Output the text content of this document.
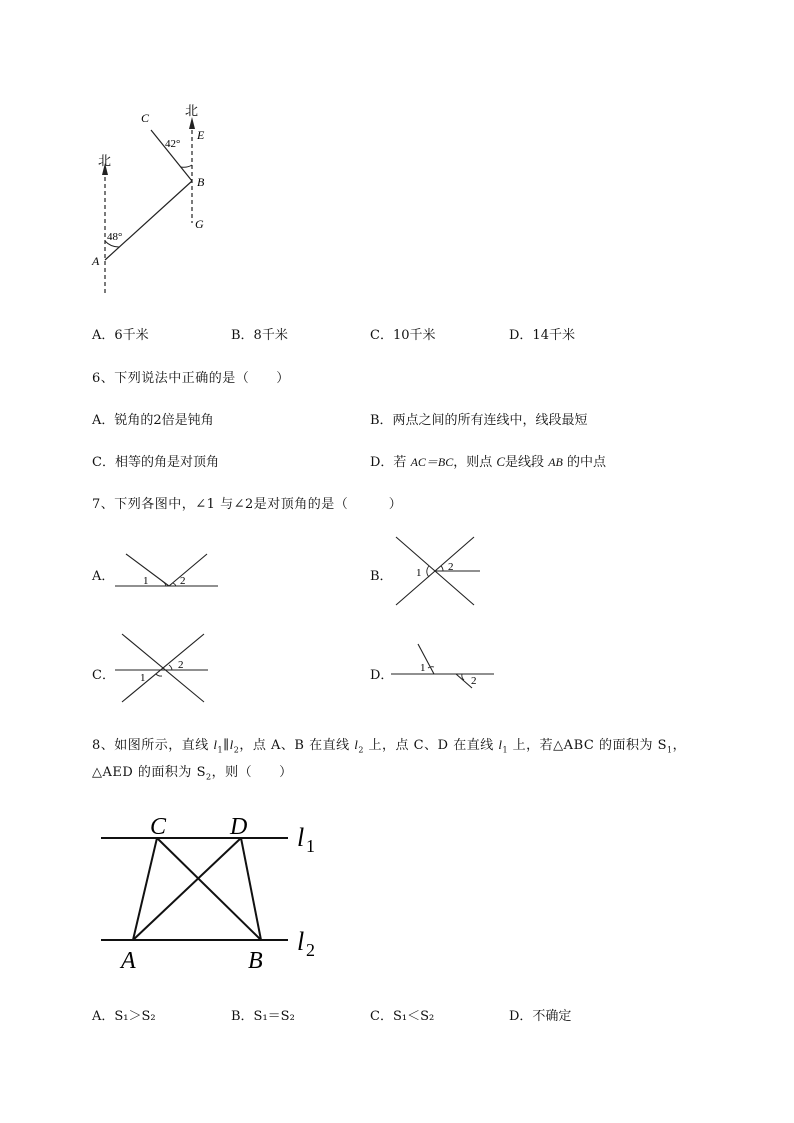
北
北
C
E
B
G
A
42°
48°
A．6千米	B．8千米	C．10千米	D．14千米
6、下列说法中正确的是（　　）
A．锐角的2倍是钝角	B．两点之间的所有连线中，线段最短
C．相等的角是对顶角	D．若 AC＝BC，则点 C是线段 AB 的中点
7、下列各图中，∠1 与∠2是对顶角的是（　　　）
A．	1	2	B． 1 2
C． 1
2
D． 1
2
8、如图所示，直线 $l_1\parallel l_2$，点 A、B 在直线 $l_2$ 上，点 C、D 在直线 $l_1$ 上，若△ABC 的面积为 $S_1$，
△AED 的面积为 $S_2$，则（　　）
C	D
A	B
l 1
l 2
A．S₁＞S₂	B．S₁＝S₂	C．S₁＜S₂	D．不确定
